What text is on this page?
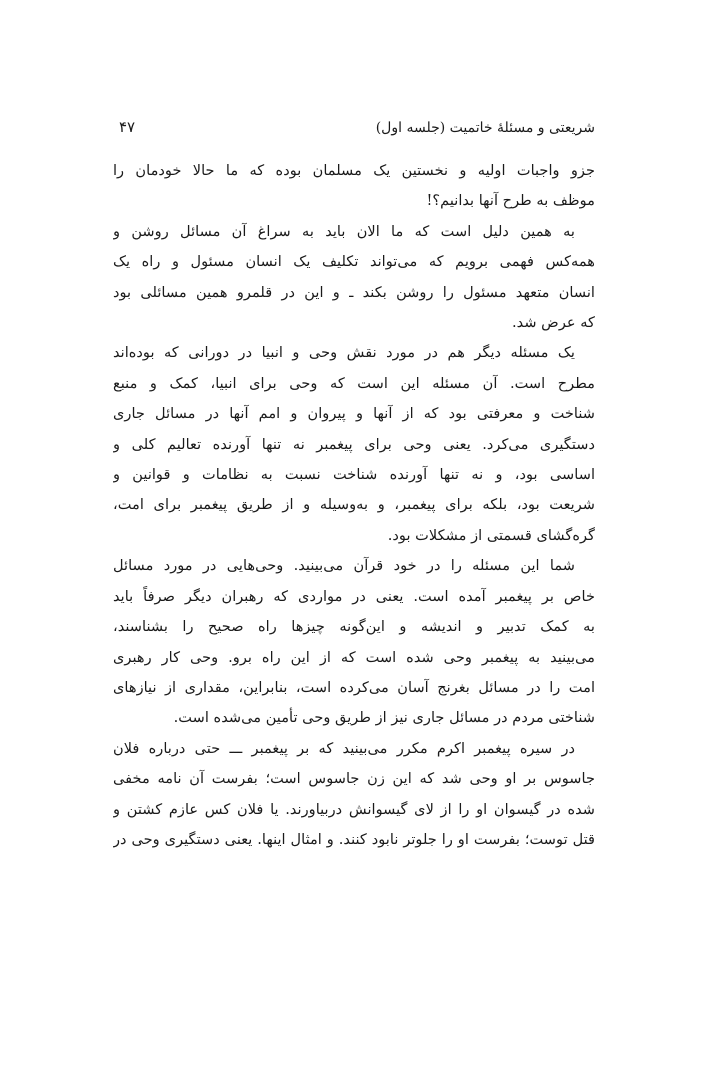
شریعتی و مسئلهٔ خاتمیت (جلسه اول)
۴۷

جزو واجبات اولیه و نخستین یک مسلمان بوده که ما حالا خودمان را
موظف به طرح آنها بدانیم؟!

به همین دلیل است که ما الان باید به سراغ آن مسائل روشن و
همه‌کس فهمی برویم که می‌تواند تکلیف یک انسان مسئول و راه یک
انسان متعهد مسئول را روشن بکند ـ و این در قلمرو همین مسائلی بود
که عرض شد.

یک مسئله دیگر هم در مورد نقش وحی و انبیا در دورانی که بوده‌اند
مطرح است. آن مسئله این است که وحی برای انبیا، کمک و منبع
شناخت و معرفتی بود که از آنها و پیروان و امم آنها در مسائل جاری
دستگیری می‌کرد. یعنی وحی برای پیغمبر نه تنها آورنده تعالیم کلی و
اساسی بود، و نه تنها آورنده شناخت نسبت به نظامات و قوانین و
شریعت بود، بلکه برای پیغمبر، و به‌وسیله و از طریق پیغمبر برای امت،
گره‌گشای قسمتی از مشکلات بود.

شما این مسئله را در خود قرآن می‌بینید. وحی‌هایی در مورد مسائل
خاص بر پیغمبر آمده است. یعنی در مواردی که رهبران دیگر صرفاً باید
به کمک تدبیر و اندیشه و این‌گونه چیزها راه صحیح را بشناسند،
می‌بینید به پیغمبر وحی شده است که از این راه برو. وحی کار رهبری
امت را در مسائل بغرنج آسان می‌کرده است، بنابراین، مقداری از نیازهای
شناختی مردم در مسائل جاری نیز از طریق وحی تأمین می‌شده است.

در سیره پیغمبر اکرم مکرر می‌بینید که بر پیغمبر ـــ حتی درباره فلان
جاسوس بر او وحی شد که این زن جاسوس است؛ بفرست آن نامه مخفی
شده در گیسوان او را از لای گیسوانش دربیاورند. یا فلان کس عازم کشتن و
قتل توست؛ بفرست او را جلوتر نابود کنند. و امثال اینها. یعنی دستگیری وحی در
